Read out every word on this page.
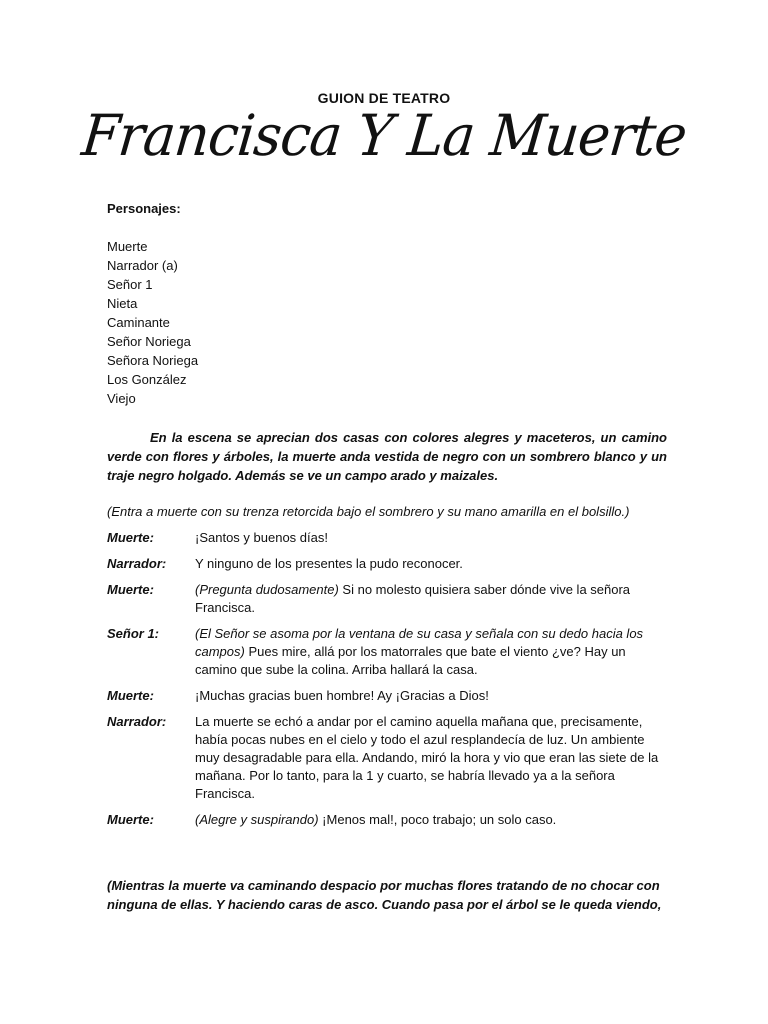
GUION DE TEATRO
Francisca Y La Muerte
Personajes:
Muerte
Narrador (a)
Señor 1
Nieta
Caminante
Señor Noriega
Señora Noriega
Los González
Viejo
En la escena se aprecian dos casas con colores alegres y maceteros, un camino verde con flores y árboles, la muerte anda vestida de negro con un sombrero blanco y un traje negro holgado. Además se ve un campo arado y maizales.
(Entra a muerte con su trenza retorcida bajo el sombrero y su mano amarilla en el bolsillo.)
Muerte:	¡Santos y buenos días!
Narrador:	Y ninguno de los presentes la pudo reconocer.
Muerte:	(Pregunta dudosamente) Si no molesto quisiera saber dónde vive la señora Francisca.
Señor 1:	(El Señor se asoma por la ventana de su casa y señala con su dedo hacia los campos) Pues mire, allá por los matorrales que bate el viento ¿ve? Hay un camino que sube la colina. Arriba hallará la casa.
Muerte:	¡Muchas gracias buen hombre! Ay ¡Gracias a Dios!
Narrador:	La muerte se echó a andar por el camino aquella mañana que, precisamente, había pocas nubes en el cielo y todo el azul resplandecía de luz. Un ambiente muy desagradable para ella. Andando, miró la hora y vio que eran las siete de la mañana. Por lo tanto, para la 1 y cuarto, se habría llevado ya a la señora Francisca.
Muerte:	(Alegre y suspirando) ¡Menos mal!, poco trabajo; un solo caso.
(Mientras la muerte va caminando despacio por muchas flores tratando de no chocar con ninguna de ellas. Y haciendo caras de asco. Cuando pasa por el árbol se le queda viendo,
